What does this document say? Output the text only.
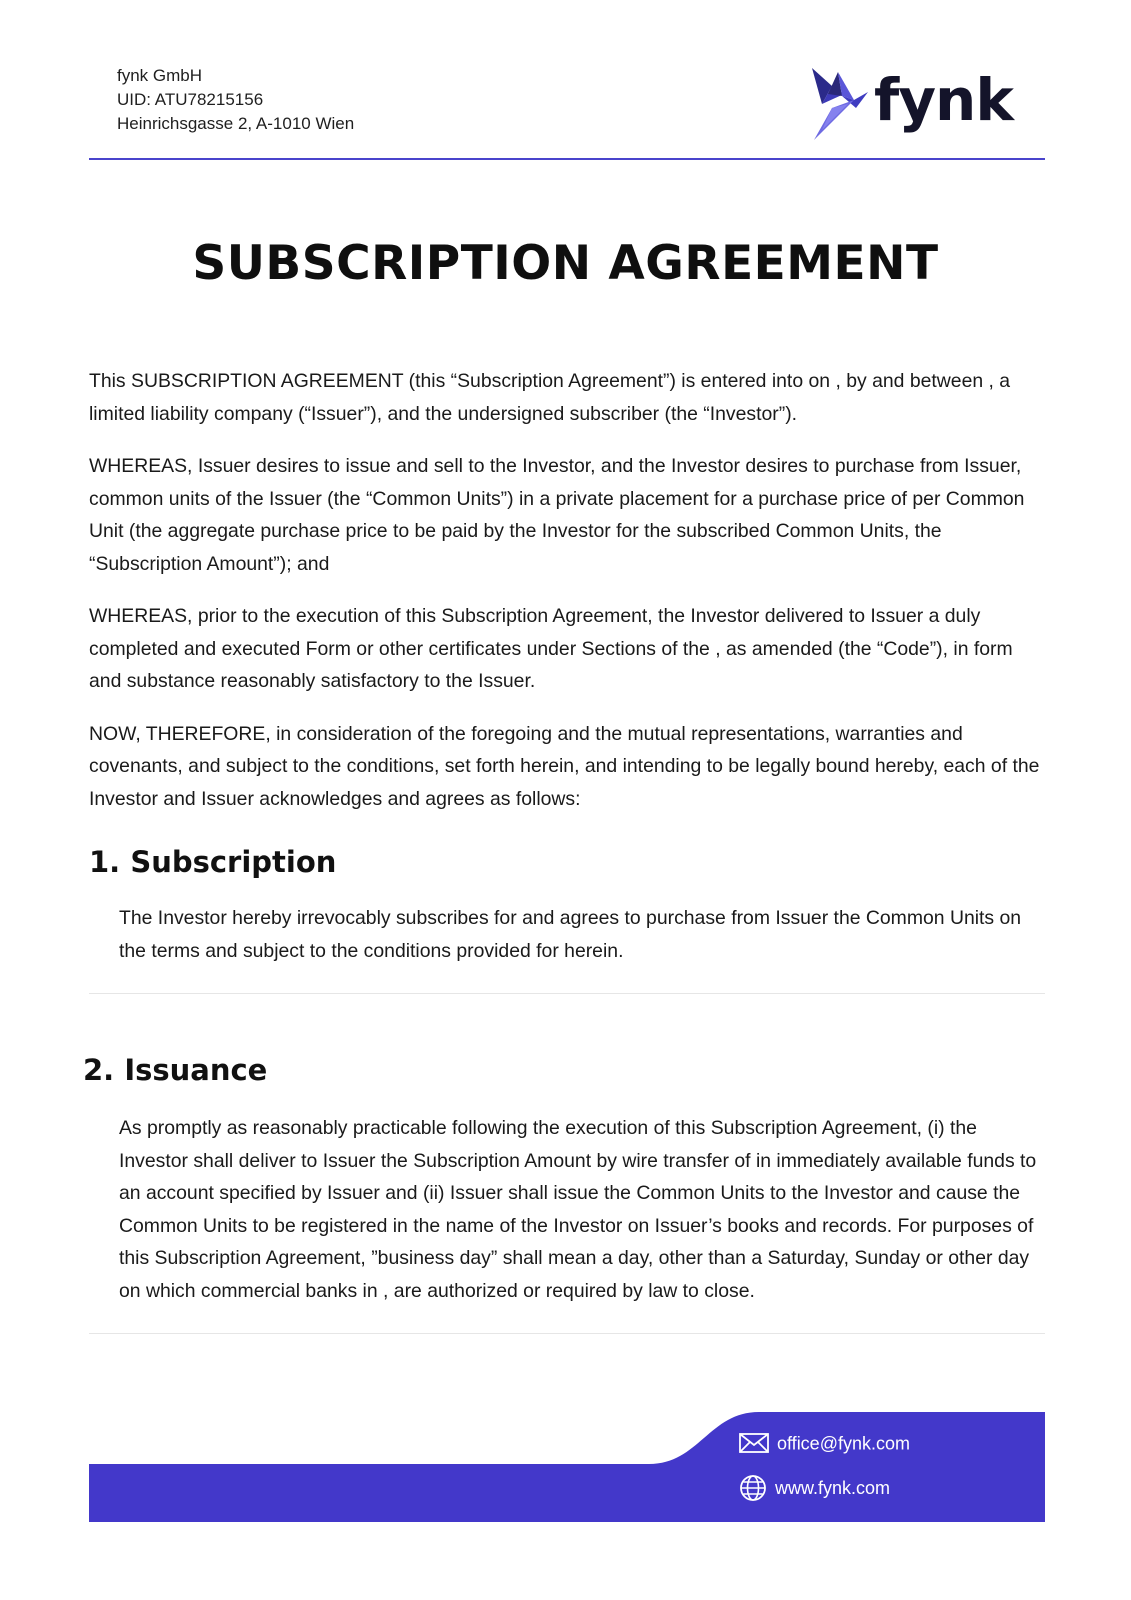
fynk GmbH
UID: ATU78215156
Heinrichsgasse 2, A-1010 Wien	fynk
SUBSCRIPTION AGREEMENT

This SUBSCRIPTION AGREEMENT (this “Subscription Agreement”) is entered into on , by and between , a limited liability company (“Issuer”), and the undersigned subscriber (the “Investor”).

WHEREAS, Issuer desires to issue and sell to the Investor, and the Investor desires to purchase from Issuer, common units of the Issuer (the “Common Units”) in a private placement for a purchase price of per Common Unit (the aggregate purchase price to be paid by the Investor for the subscribed Common Units, the “Subscription Amount”); and

WHEREAS, prior to the execution of this Subscription Agreement, the Investor delivered to Issuer a duly completed and executed Form or other certificates under Sections of the , as amended (the “Code”), in form and substance reasonably satisfactory to the Issuer.

NOW, THEREFORE, in consideration of the foregoing and the mutual representations, warranties and covenants, and subject to the conditions, set forth herein, and intending to be legally bound hereby, each of the Investor and Issuer acknowledges and agrees as follows:

1. Subscription

The Investor hereby irrevocably subscribes for and agrees to purchase from Issuer the Common Units on the terms and subject to the conditions provided for herein.

2. Issuance

As promptly as reasonably practicable following the execution of this Subscription Agreement, (i) the Investor shall deliver to Issuer the Subscription Amount by wire transfer of in immediately available funds to an account specified by Issuer and (ii) Issuer shall issue the Common Units to the Investor and cause the Common Units to be registered in the name of the Investor on Issuer’s books and records. For purposes of this Subscription Agreement, ”business day” shall mean a day, other than a Saturday, Sunday or other day on which commercial banks in , are authorized or required by law to close.

office@fynk.com
www.fynk.com
